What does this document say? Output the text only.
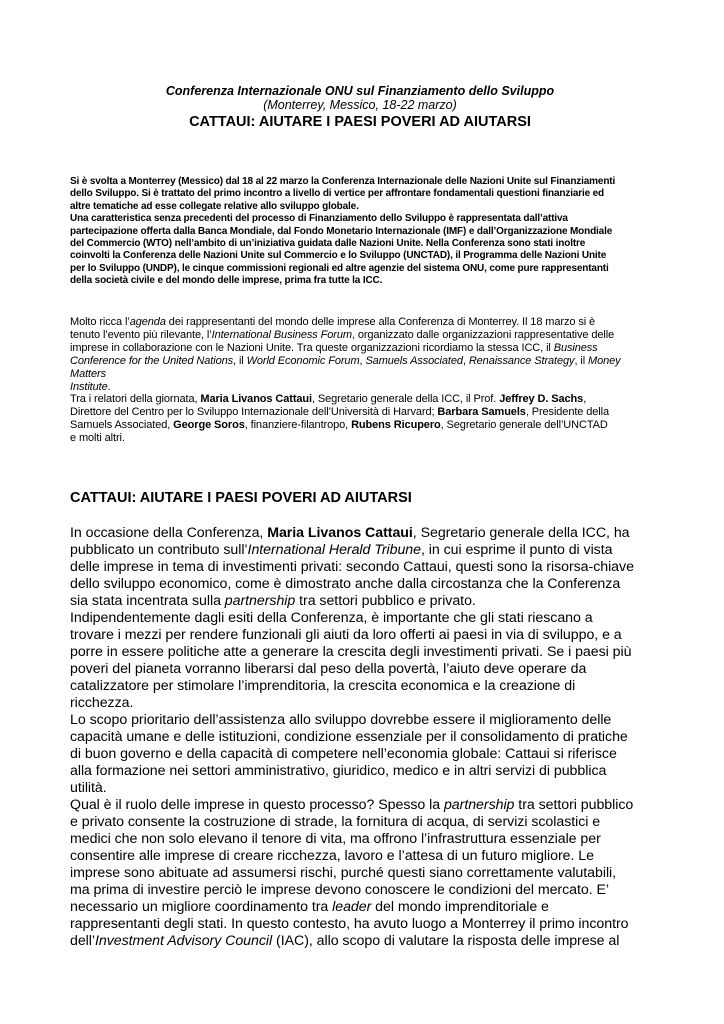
Conferenza Internazionale ONU sul Finanziamento dello Sviluppo
(Monterrey, Messico, 18-22 marzo)
CATTAUI: AIUTARE I PAESI POVERI AD AIUTARSI
Si è svolta a Monterrey (Messico) dal 18 al 22 marzo la Conferenza Internazionale delle Nazioni Unite sul Finanziamenti
dello Sviluppo. Si è trattato del primo incontro a livello di vertice per affrontare fondamentali questioni finanziarie ed
altre tematiche ad esse collegate relative allo sviluppo globale.
Una caratteristica senza precedenti del processo di Finanziamento dello Sviluppo è rappresentata dall’attiva
partecipazione offerta dalla Banca Mondiale, dal Fondo Monetario Internazionale (IMF) e dall’Organizzazione Mondiale
del Commercio (WTO) nell’ambito di un’iniziativa guidata dalle Nazioni Unite. Nella Conferenza sono stati inoltre
coinvolti la Conferenza delle Nazioni Unite sul Commercio e lo Sviluppo (UNCTAD), il Programma delle Nazioni Unite
per lo Sviluppo (UNDP), le cinque commissioni regionali ed altre agenzie del sistema ONU, come pure rappresentanti
della società civile e del mondo delle imprese, prima fra tutte la ICC.
Molto ricca l’agenda dei rappresentanti del mondo delle imprese alla Conferenza di Monterrey. Il 18 marzo si è
tenuto l’evento più rilevante, l’International Business Forum, organizzato dalle organizzazioni rappresentative delle
imprese in collaborazione con le Nazioni Unite. Tra queste organizzazioni ricordiamo la stessa ICC, il Business
Conference for the United Nations, il World Economic Forum, Samuels Associated, Renaissance Strategy, il Money
Matters
Institute.
Tra i relatori della giornata, Maria Livanos Cattaui, Segretario generale della ICC, il Prof. Jeffrey D. Sachs,
Direttore del Centro per lo Sviluppo Internazionale dell’Università di Harvard; Barbara Samuels, Presidente della
Samuels Associated, George Soros, finanziere-filantropo, Rubens Ricupero, Segretario generale dell’UNCTAD
e molti altri.
CATTAUI: AIUTARE I PAESI POVERI AD AIUTARSI
In occasione della Conferenza, Maria Livanos Cattaui, Segretario generale della ICC, ha
pubblicato un contributo sull’International Herald Tribune, in cui esprime il punto di vista
delle imprese in tema di investimenti privati: secondo Cattaui, questi sono la risorsa-chiave
dello sviluppo economico, come è dimostrato anche dalla circostanza che la Conferenza
sia stata incentrata sulla partnership tra settori pubblico e privato.
Indipendentemente dagli esiti della Conferenza, è importante che gli stati riescano a
trovare i mezzi per rendere funzionali gli aiuti da loro offerti ai paesi in via di sviluppo, e a
porre in essere politiche atte a generare la crescita degli investimenti privati. Se i paesi più
poveri del pianeta vorranno liberarsi dal peso della povertà, l’aiuto deve operare da
catalizzatore per stimolare l’imprenditoria, la crescita economica e la creazione di
ricchezza.
Lo scopo prioritario dell’assistenza allo sviluppo dovrebbe essere il miglioramento delle
capacità umane e delle istituzioni, condizione essenziale per il consolidamento di pratiche
di buon governo e della capacità di competere nell’economia globale: Cattaui si riferisce
alla formazione nei settori amministrativo, giuridico, medico e in altri servizi di pubblica
utilità.
Qual è il ruolo delle imprese in questo processo? Spesso la partnership tra settori pubblico
e privato consente la costruzione di strade, la fornitura di acqua, di servizi scolastici e
medici che non solo elevano il tenore di vita, ma offrono l’infrastruttura essenziale per
consentire alle imprese di creare ricchezza, lavoro e l’attesa di un futuro migliore. Le
imprese sono abituate ad assumersi rischi, purché questi siano correttamente valutabili,
ma prima di investire perciò le imprese devono conoscere le condizioni del mercato. E’
necessario un migliore coordinamento tra leader del mondo imprenditoriale e
rappresentanti degli stati. In questo contesto, ha avuto luogo a Monterrey il primo incontro
dell’Investment Advisory Council (IAC), allo scopo di valutare la risposta delle imprese al
